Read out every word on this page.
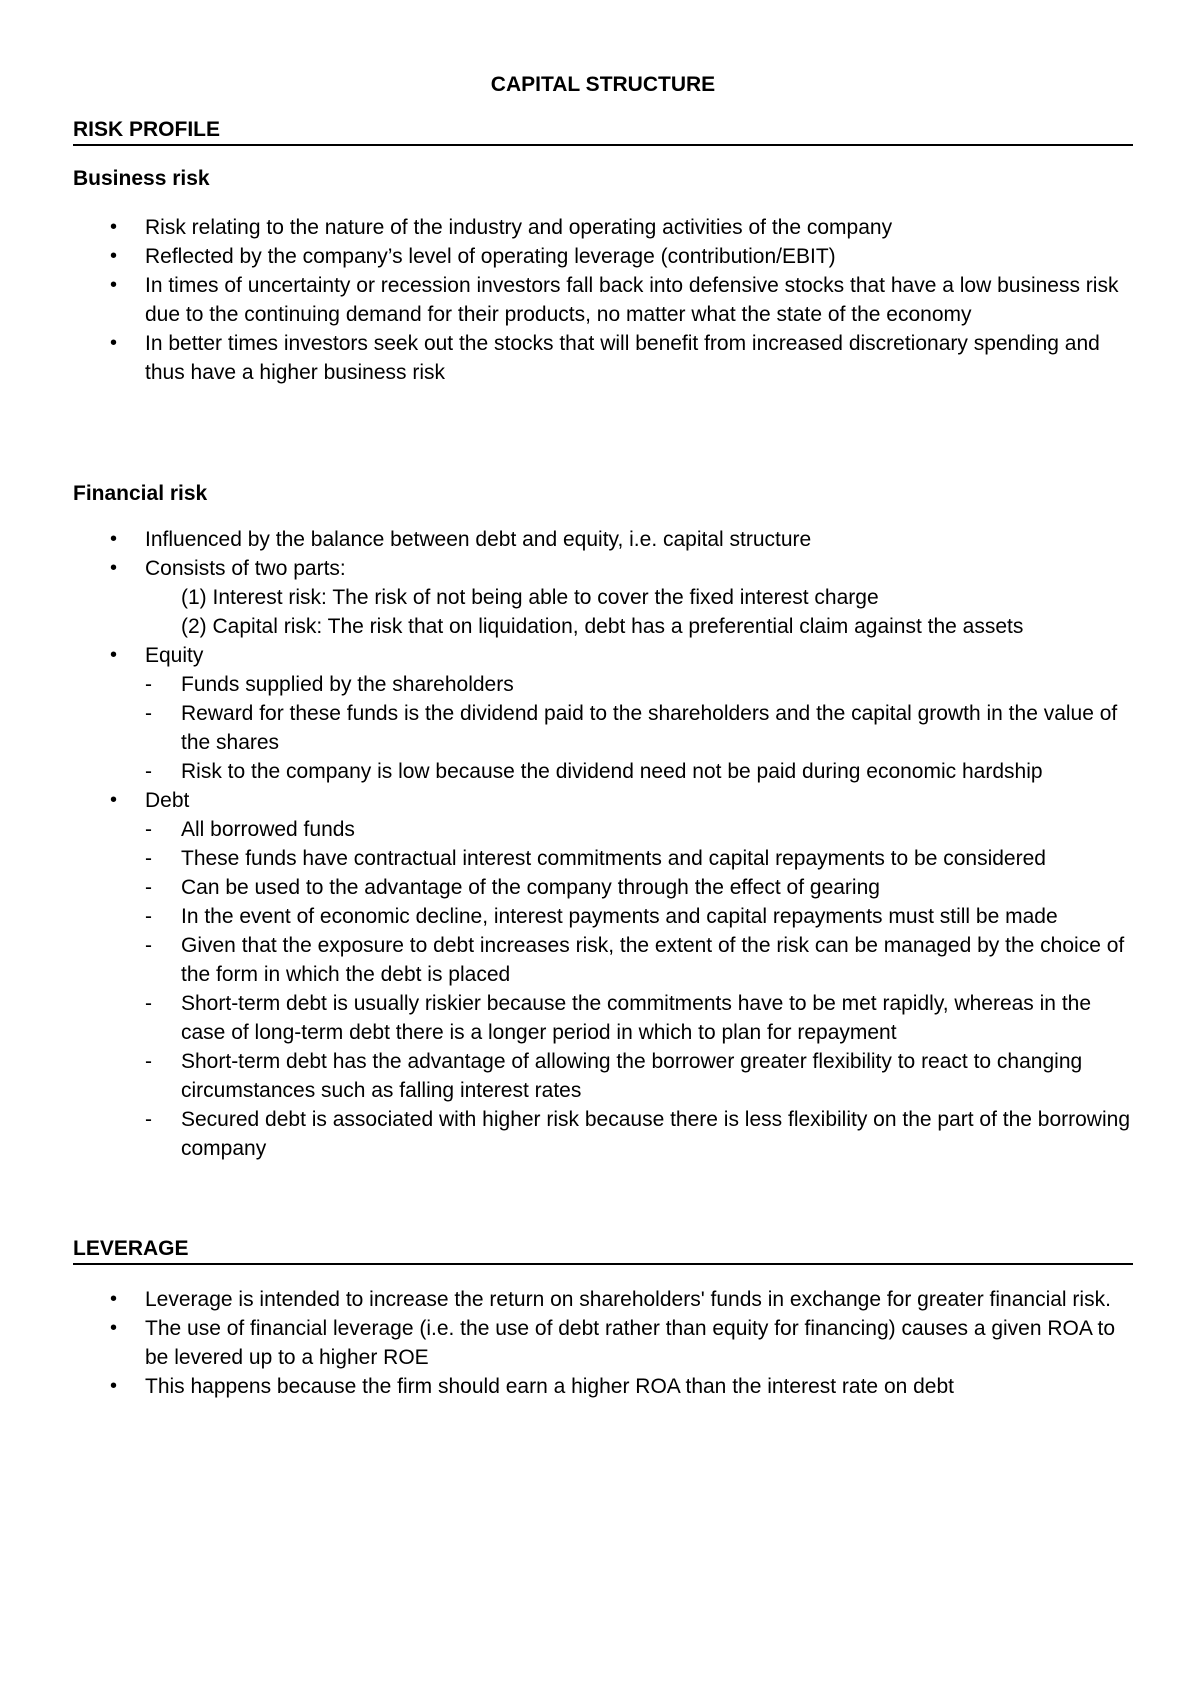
CAPITAL STRUCTURE
RISK PROFILE
Business risk
• Risk relating to the nature of the industry and operating activities of the company
• Reflected by the company’s level of operating leverage (contribution/EBIT)
• In times of uncertainty or recession investors fall back into defensive stocks that have a low business risk due to the continuing demand for their products, no matter what the state of the economy
• In better times investors seek out the stocks that will benefit from increased discretionary spending and thus have a higher business risk
Financial risk
• Influenced by the balance between debt and equity, i.e. capital structure
• Consists of two parts:
(1) Interest risk: The risk of not being able to cover the fixed interest charge
(2) Capital risk: The risk that on liquidation, debt has a preferential claim against the assets
• Equity
- Funds supplied by the shareholders
- Reward for these funds is the dividend paid to the shareholders and the capital growth in the value of the shares
- Risk to the company is low because the dividend need not be paid during economic hardship
• Debt
- All borrowed funds
- These funds have contractual interest commitments and capital repayments to be considered
- Can be used to the advantage of the company through the effect of gearing
- In the event of economic decline, interest payments and capital repayments must still be made
- Given that the exposure to debt increases risk, the extent of the risk can be managed by the choice of the form in which the debt is placed
- Short-term debt is usually riskier because the commitments have to be met rapidly, whereas in the case of long-term debt there is a longer period in which to plan for repayment
- Short-term debt has the advantage of allowing the borrower greater flexibility to react to changing circumstances such as falling interest rates
- Secured debt is associated with higher risk because there is less flexibility on the part of the borrowing company
LEVERAGE
• Leverage is intended to increase the return on shareholders' funds in exchange for greater financial risk.
• The use of financial leverage (i.e. the use of debt rather than equity for financing) causes a given ROA to be levered up to a higher ROE
• This happens because the firm should earn a higher ROA than the interest rate on debt
